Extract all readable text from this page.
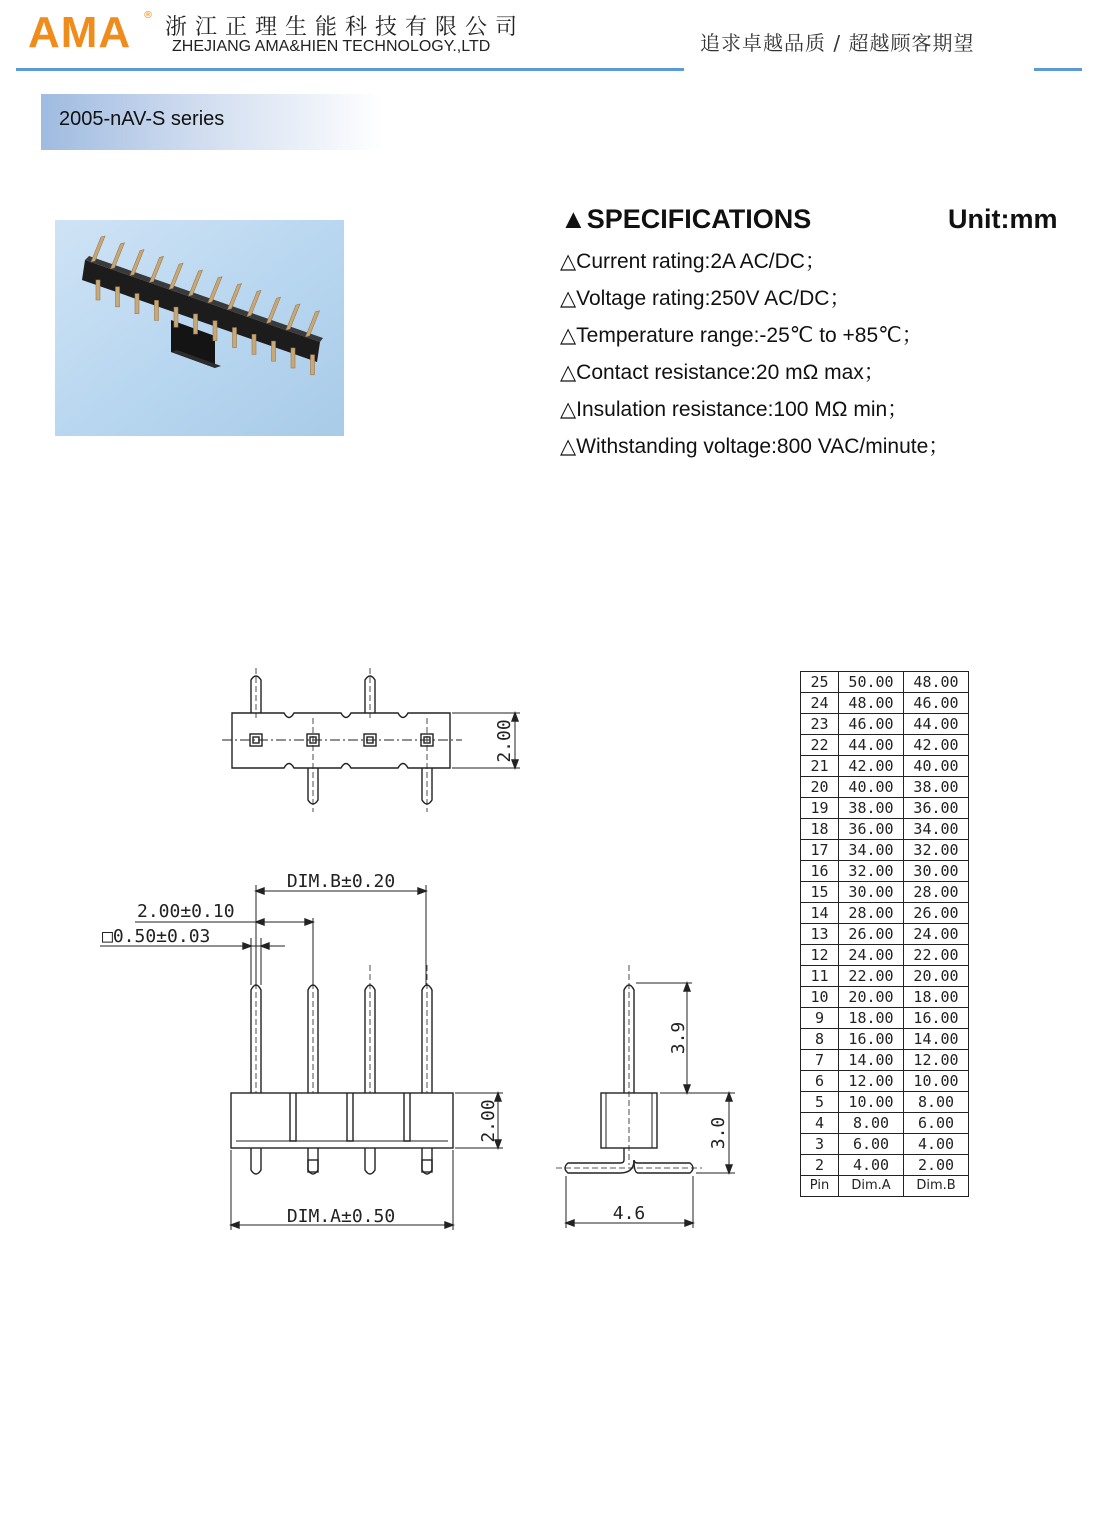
AMA ® 浙江正理生能科技有限公司
ZHEJIANG AMA&HIEN TECHNOLOGY.,LTD	追求卓越品质 / 超越顾客期望
2005-nAV-S series
▲SPECIFICATIONS	Unit:mm
△Current rating:2A AC/DC；
△Voltage rating:250V AC/DC；
△Temperature range:-25℃ to +85℃；
△Contact resistance:20 mΩ max；
△Insulation resistance:100 MΩ min；
△Withstanding voltage:800 VAC/minute；
2.00
DIM.B±0.20
2.00±0.10
□0.50±0.03
2.00
DIM.A±0.50
3.9
3.0
4.6
25	50.00	48.00
24	48.00	46.00
23	46.00	44.00
22	44.00	42.00
21	42.00	40.00
20	40.00	38.00
19	38.00	36.00
18	36.00	34.00
17	34.00	32.00
16	32.00	30.00
15	30.00	28.00
14	28.00	26.00
13	26.00	24.00
12	24.00	22.00
11	22.00	20.00
10	20.00	18.00
9	18.00	16.00
8	16.00	14.00
7	14.00	12.00
6	12.00	10.00
5	10.00	8.00
4	8.00	6.00
3	6.00	4.00
2	4.00	2.00
Pin	Dim.A	Dim.B
